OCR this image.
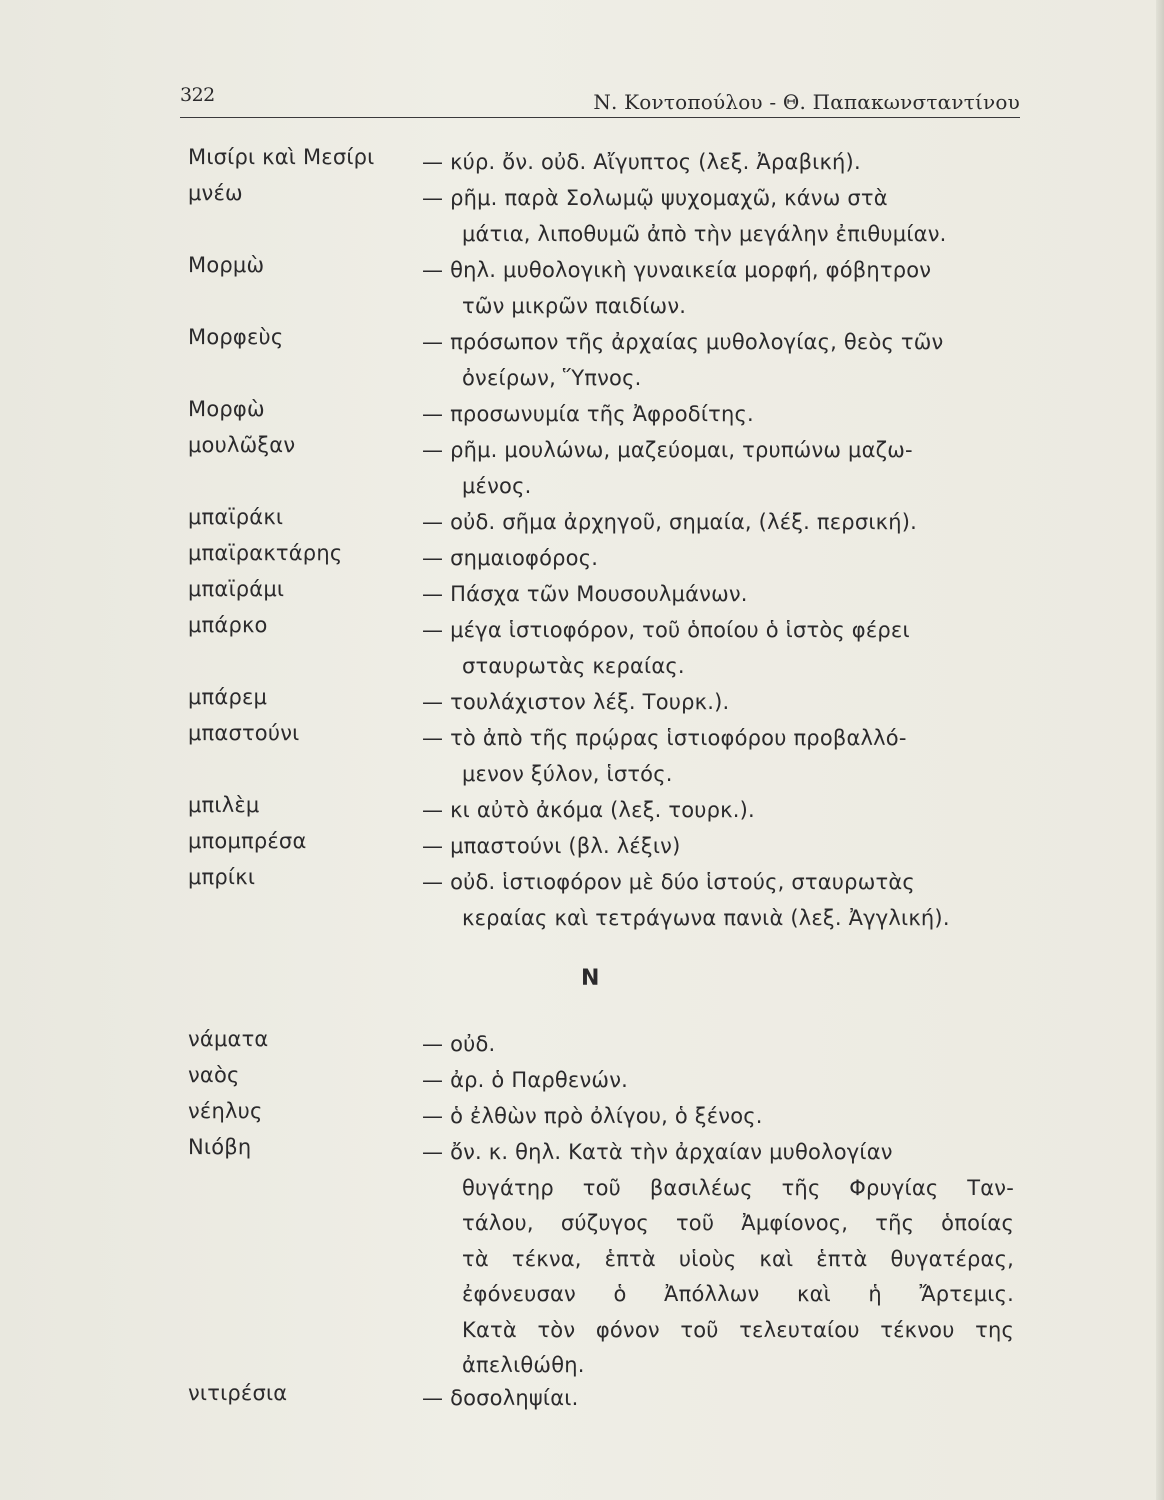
322	Ν. Κοντοπούλου - Θ. Παπακωνσταντίνου
Μισίρι καὶ Μεσίρι — κύρ. ὄν. οὐδ. Αἴγυπτος (λεξ. Ἀραβική).
μνέω	— ρῆμ. παρὰ Σολωμῷ ψυχομαχῶ, κάνω στὰ
μάτια, λιποθυμῶ ἀπὸ τὴν μεγάλην ἐπιθυμίαν.
Μορμὼ	— θηλ. μυθολογικὴ γυναικεία μορφή, φόβητρον
τῶν μικρῶν παιδίων.
Μορφεὺς	— πρόσωπον τῆς ἀρχαίας μυθολογίας, θεὸς τῶν
ὀνείρων, Ὕπνος.
Μορφὼ	— προσωνυμία τῆς Ἀφροδίτης.
μουλῶξαν	— ρῆμ. μουλώνω, μαζεύομαι, τρυπώνω μαζω-
μένος.
μπαϊράκι	— οὐδ. σῆμα ἀρχηγοῦ, σημαία, (λέξ. περσική).
μπαϊρακτάρης	— σημαιοφόρος.
μπαϊράμι	— Πάσχα τῶν Μουσουλμάνων.
μπάρκο	— μέγα ἱστιοφόρον, τοῦ ὁποίου ὁ ἱστὸς φέρει
σταυρωτὰς κεραίας.
μπάρεμ	— τουλάχιστον λέξ. Τουρκ.).
μπαστούνι	— τὸ ἀπὸ τῆς πρῴρας ἱστιοφόρου προβαλλό-
μενον ξύλον, ἱστός.
μπιλὲμ	— κι αὐτὸ ἀκόμα (λεξ. τουρκ.).
μπομπρέσα	— μπαστούνι (βλ. λέξιν)
μπρίκι	— οὐδ. ἱστιοφόρον μὲ δύο ἱστούς, σταυρωτὰς
κεραίας καὶ τετράγωνα πανιὰ (λεξ. Ἀγγλική).
Ν
νάματα	— οὐδ.
ναὸς	— ἀρ. ὁ Παρθενών.
νέηλυς	— ὁ ἐλθὼν πρὸ ὀλίγου, ὁ ξένος.
Νιόβη	— ὄν. κ. θηλ. Κατὰ τὴν ἀρχαίαν μυθολογίαν
θυγάτηρ τοῦ βασιλέως τῆς Φρυγίας Ταν-
τάλου, σύζυγος τοῦ Ἀμφίονος, τῆς ὁποίας
τὰ τέκνα, ἑπτὰ υἱοὺς καὶ ἑπτὰ θυγατέρας,
ἐφόνευσαν ὁ Ἀπόλλων καὶ ἡ Ἄρτεμις.
Κατὰ τὸν φόνον τοῦ τελευταίου τέκνου της
ἀπελιθώθη.
νιτιρέσια	— δοσοληψίαι.
